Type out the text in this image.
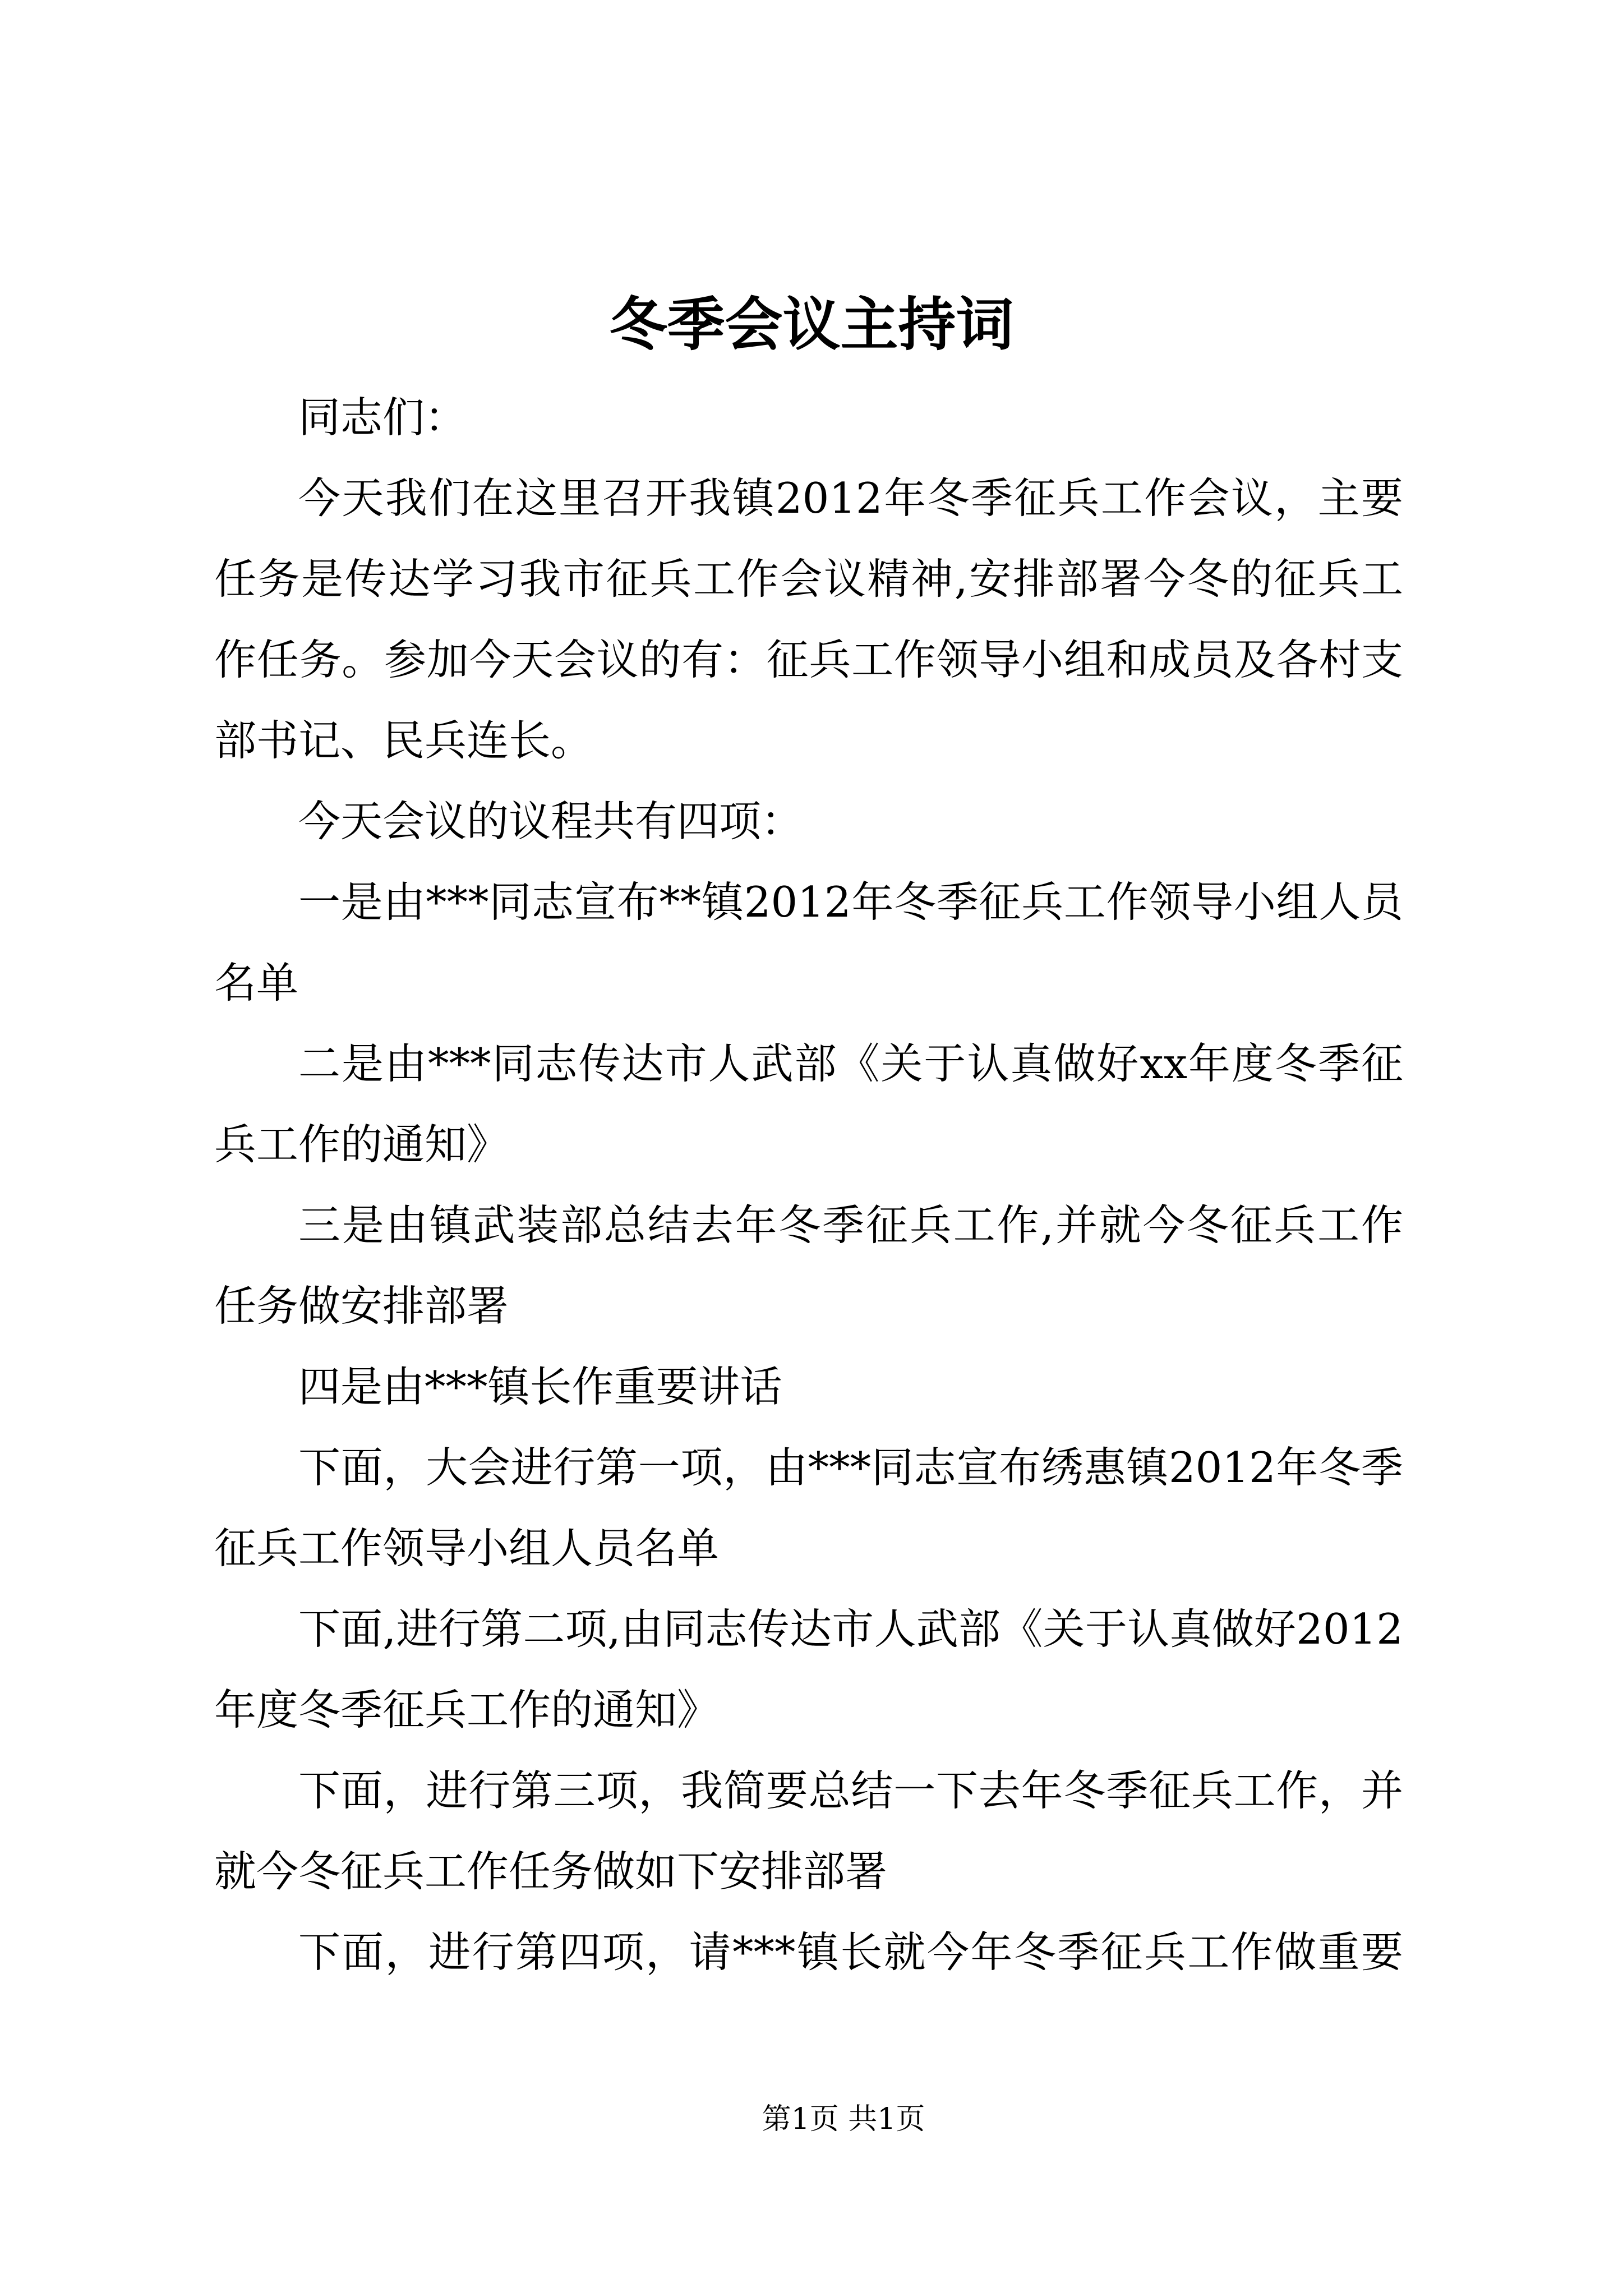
冬季会议主持词
同志们：
今天我们在这里召开我镇2012年冬季征兵工作会议，主要
任务是传达学习我市征兵工作会议精神,安排部署今冬的征兵工
作任务。参加今天会议的有：征兵工作领导小组和成员及各村支
部书记、民兵连长。
今天会议的议程共有四项：
一是由***同志宣布**镇2012年冬季征兵工作领导小组人员
名单
二是由***同志传达市人武部《关于认真做好xx年度冬季征
兵工作的通知》
三是由镇武装部总结去年冬季征兵工作,并就今冬征兵工作
任务做安排部署
四是由***镇长作重要讲话
下面，大会进行第一项，由***同志宣布绣惠镇2012年冬季
征兵工作领导小组人员名单
下面,进行第二项,由同志传达市人武部《关于认真做好2012
年度冬季征兵工作的通知》
下面，进行第三项，我简要总结一下去年冬季征兵工作，并
就今冬征兵工作任务做如下安排部署
下面，进行第四项，请***镇长就今年冬季征兵工作做重要
第1页 共1页
